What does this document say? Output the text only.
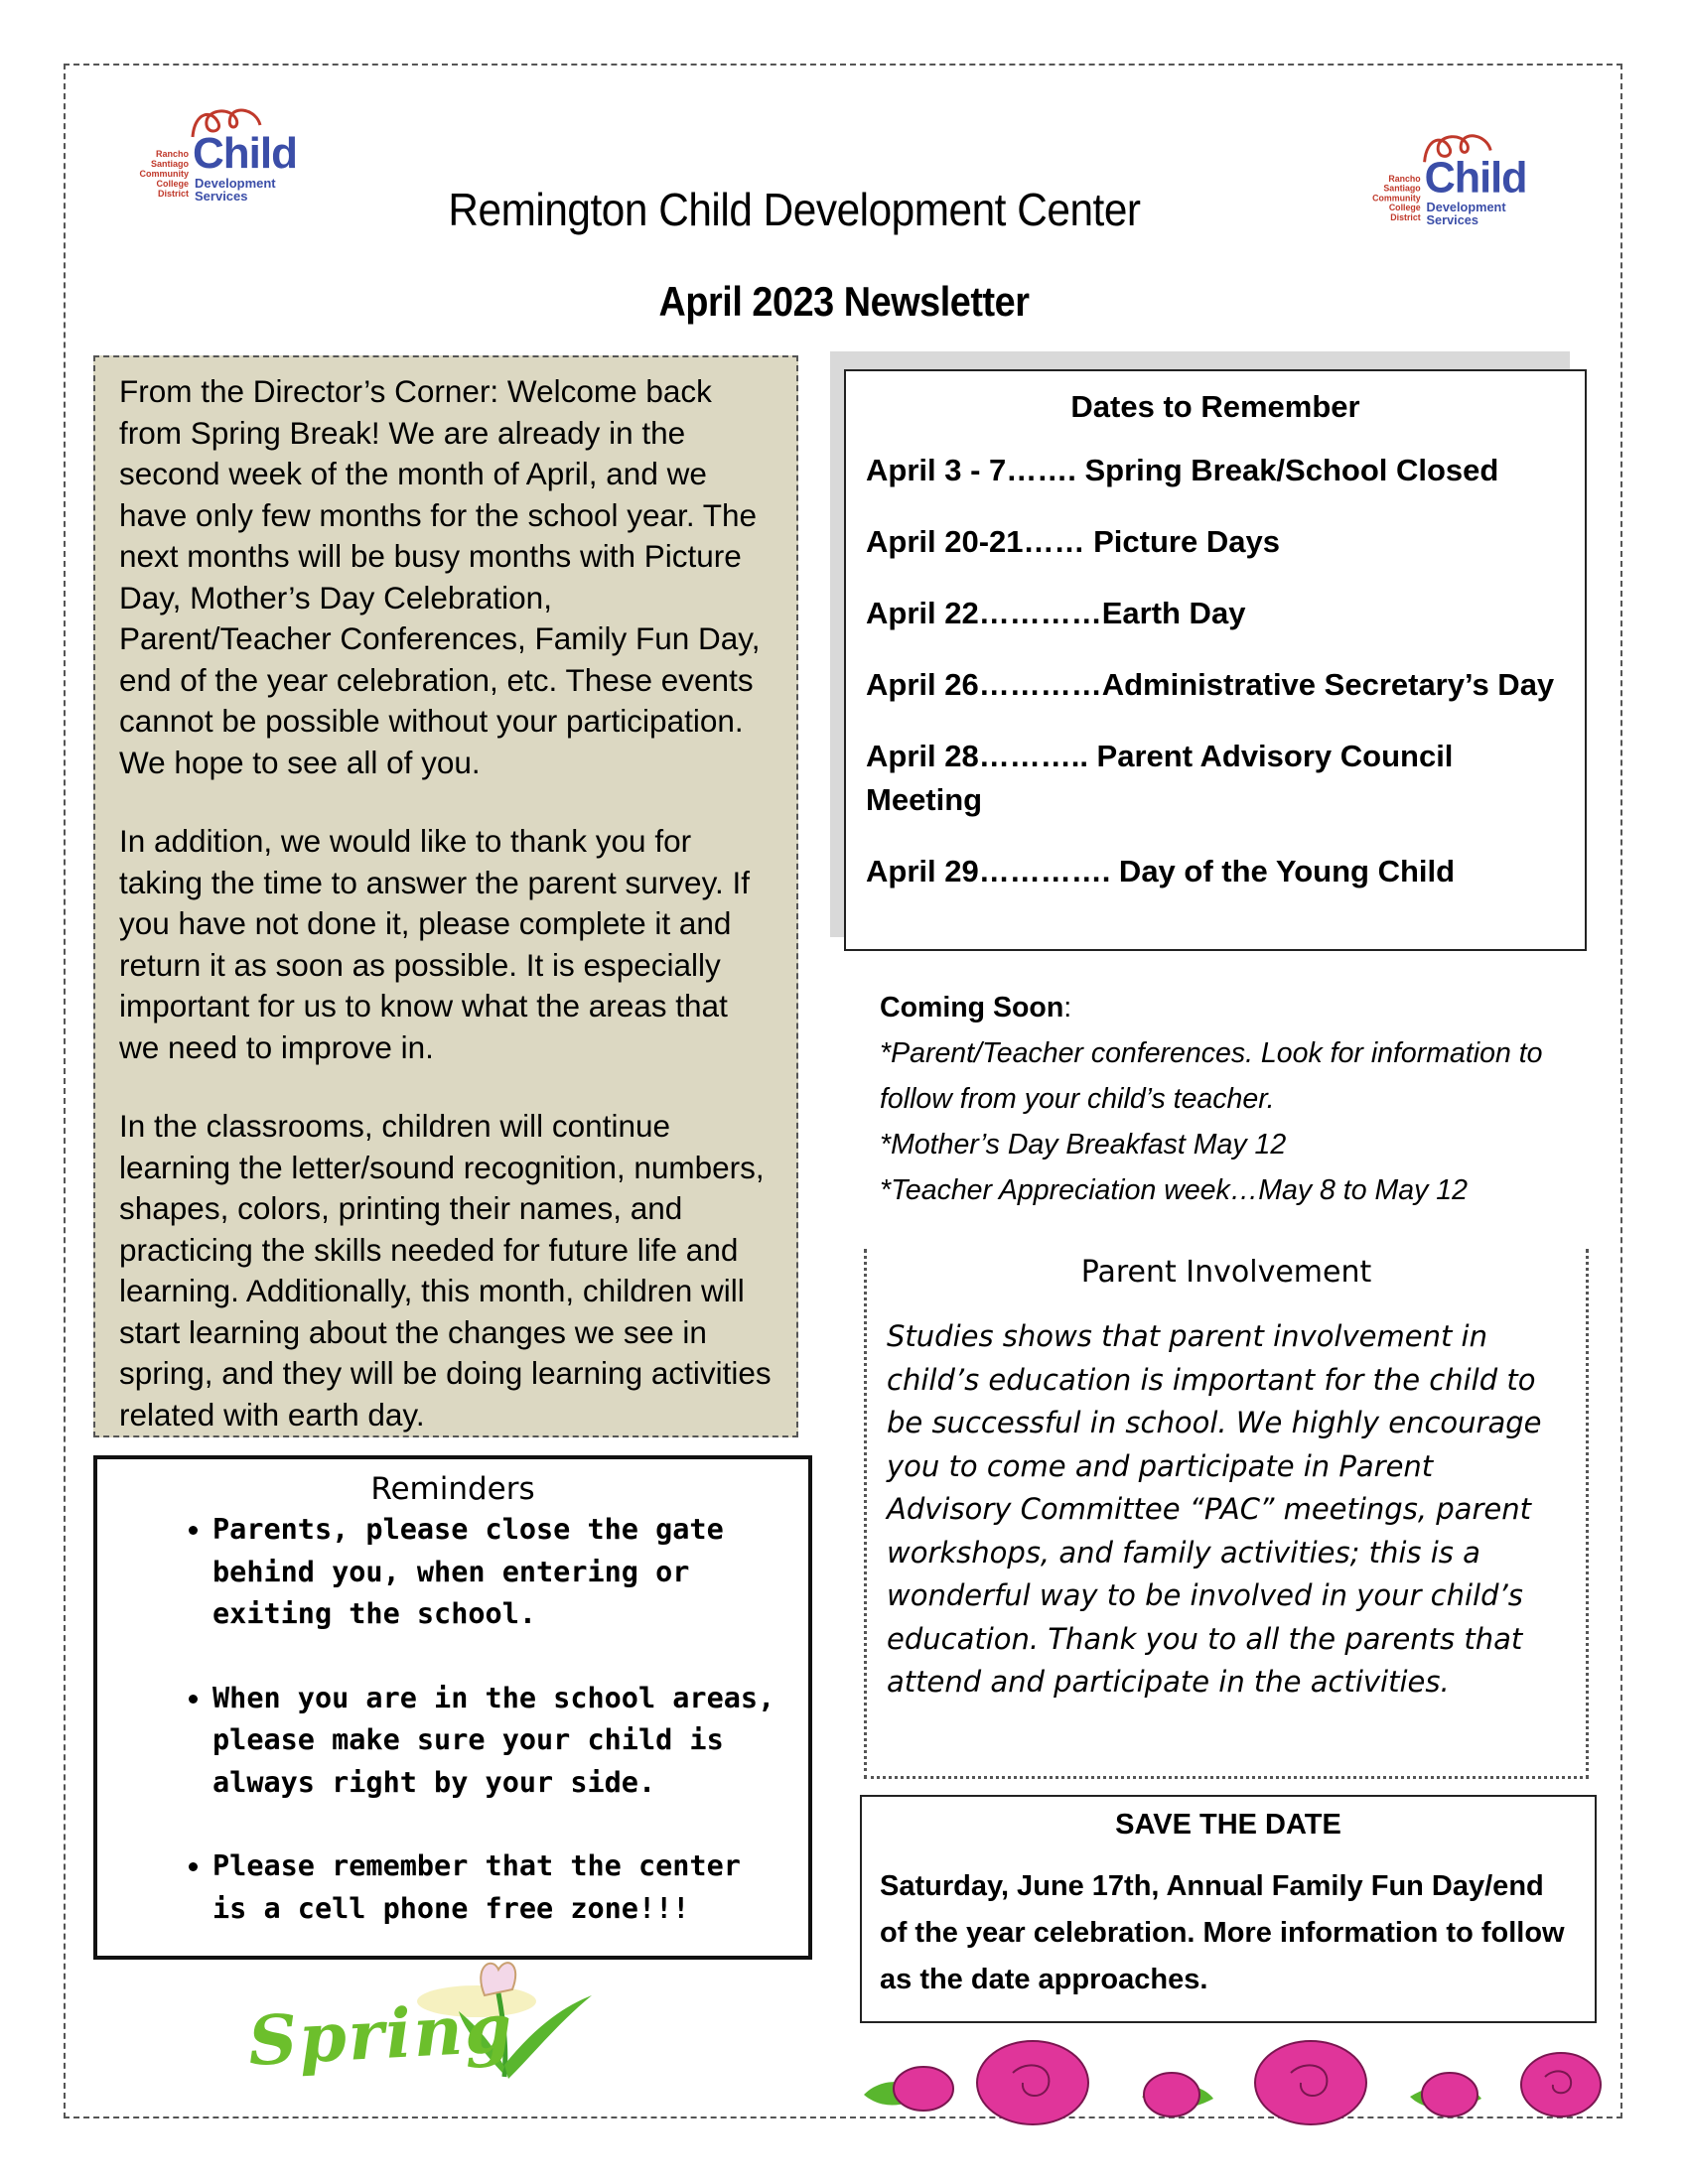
Rancho
Santiago
Community
College
District
Child
Development
Services
Rancho
Santiago
Community
College
District
Child
Development
Services
Remington Child Development Center
April 2023 Newsletter

From the Director’s Corner: Welcome back from Spring Break! We are already in the second week of the month of April, and we have only few months for the school year. The next months will be busy months with Picture Day, Mother’s Day Celebration, Parent/Teacher Conferences, Family Fun Day, end of the year celebration, etc. These events cannot be possible without your participation. We hope to see all of you.

In addition, we would like to thank you for taking the time to answer the parent survey. If you have not done it, please complete it and return it as soon as possible. It is especially important for us to know what the areas that we need to improve in.

In the classrooms, children will continue learning the letter/sound recognition, numbers, shapes, colors, printing their names, and practicing the skills needed for future life and learning. Additionally, this month, children will start learning about the changes we see in spring, and they will be doing learning activities related with earth day.

Dates to Remember
April 3 - 7……. Spring Break/School Closed
April 20-21…… Picture Days
April 22…………Earth Day
April 26…………Administrative Secretary’s Day
April 28……….. Parent Advisory Council Meeting
April 29…………. Day of the Young Child
Coming Soon:
*Parent/Teacher conferences. Look for information to follow from your child’s teacher.
*Mother’s Day Breakfast May 12
*Teacher Appreciation week…May 8 to May 12
Parent Involvement
Studies shows that parent involvement in child’s education is important for the child to be successful in school. We highly encourage you to come and participate in Parent Advisory Committee “PAC” meetings, parent workshops, and family activities; this is a wonderful way to be involved in your child’s education. Thank you to all the parents that attend and participate in the activities.
SAVE THE DATE
Saturday, June 17th, Annual Family Fun Day/end of the year celebration. More information to follow as the date approaches.
Reminders
• Parents, please close the gate behind you, when entering or exiting the school.
• When you are in the school areas, please make sure your child is always right by your side.
• Please remember that the center is a cell phone free zone!!!
Spring
